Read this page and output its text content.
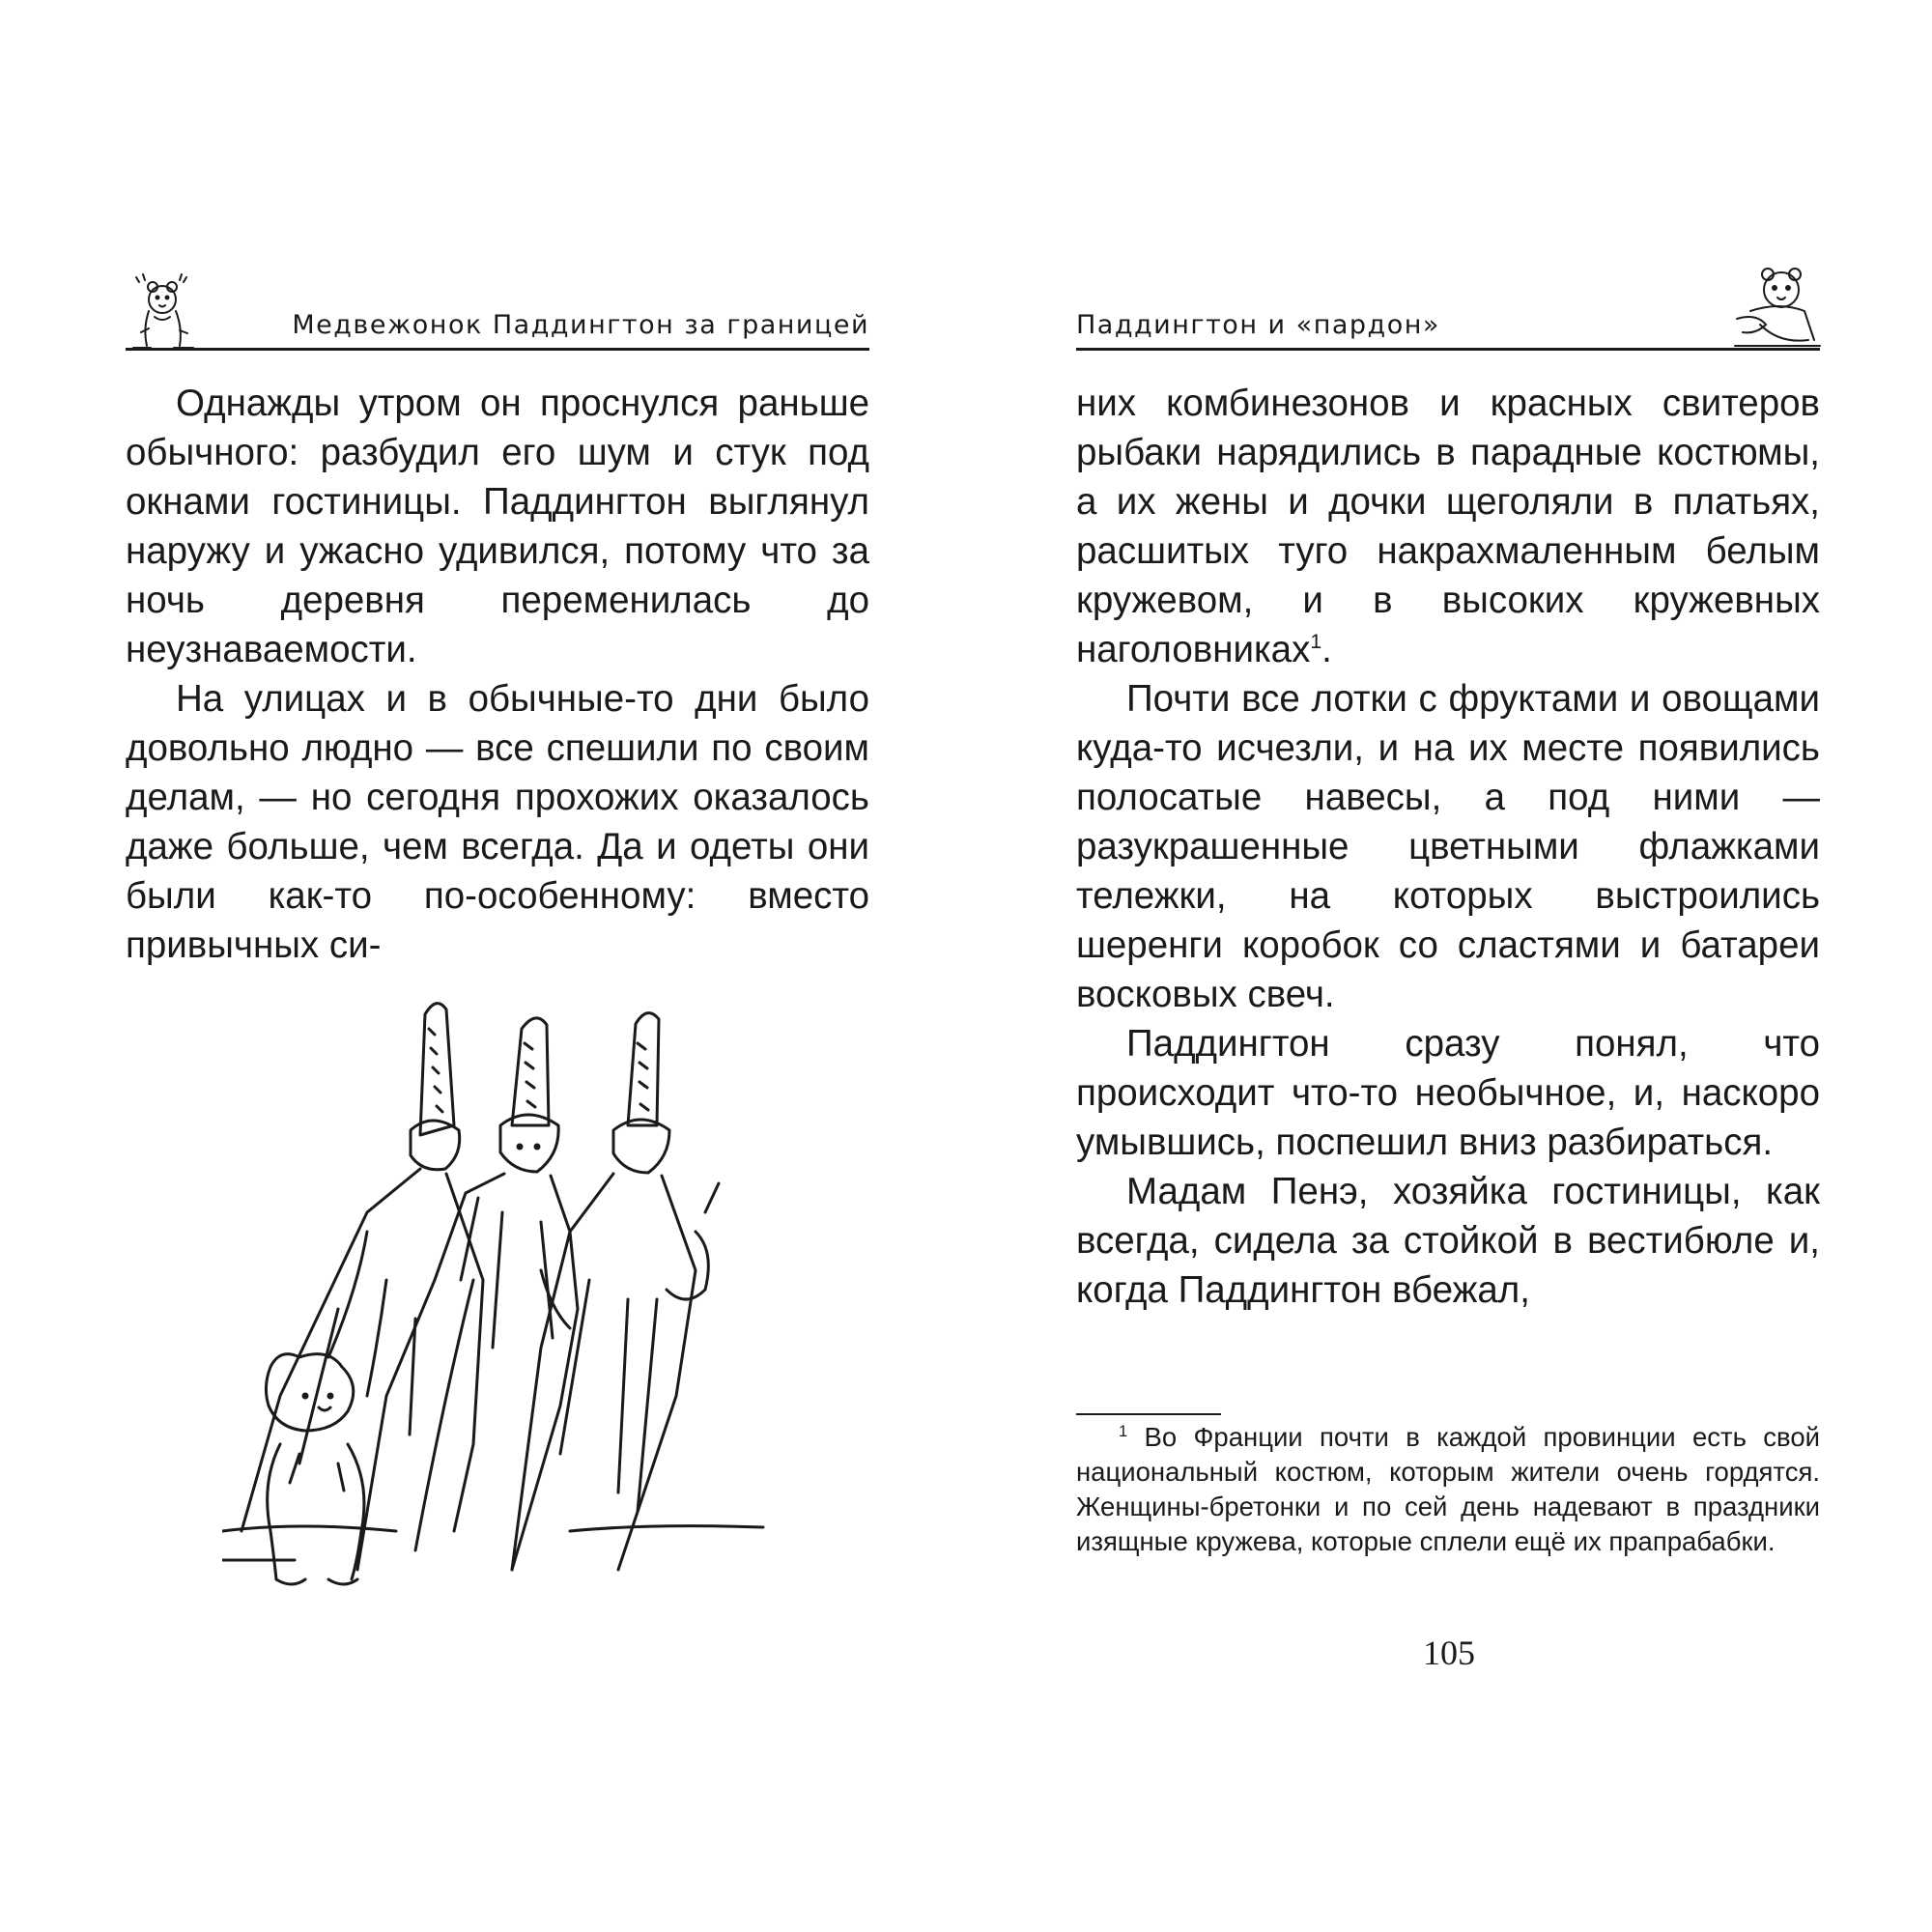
Медвежонок Паддингтон за границей

Однажды утром он проснулся раньше обычного: разбудил его шум и стук под окнами гостиницы. Паддингтон выглянул наружу и ужасно удивился, потому что за ночь деревня переменилась до неузнаваемости.

На улицах и в обычные-то дни было довольно людно — все спешили по своим делам, — но сегодня прохожих оказалось даже больше, чем всегда. Да и одеты они были как-то по-особенному: вместо привычных си-

Паддингтон и «пардон»

них комбинезонов и красных свитеров рыбаки нарядились в парадные костюмы, а их жены и дочки щеголяли в платьях, расшитых туго накрахмаленным белым кружевом, и в высоких кружевных наголовниках$^1$.

Почти все лотки с фруктами и овощами куда-то исчезли, и на их месте появились полосатые навесы, а под ними — разукрашенные цветными флажками тележки, на которых выстроились шеренги коробок со сластями и батареи восковых свеч.

Паддингтон сразу понял, что происходит что-то необычное, и, наскоро умывшись, поспешил вниз разбираться.

Мадам Пенэ, хозяйка гостиницы, как всегда, сидела за стойкой в вестибюле и, когда Паддингтон вбежал,

$^1$ Во Франции почти в каждой провинции есть свой национальный костюм, которым жители очень гордятся. Женщины-бретонки и по сей день надевают в праздники изящные кружева, которые сплели ещё их прапрабабки.

105
